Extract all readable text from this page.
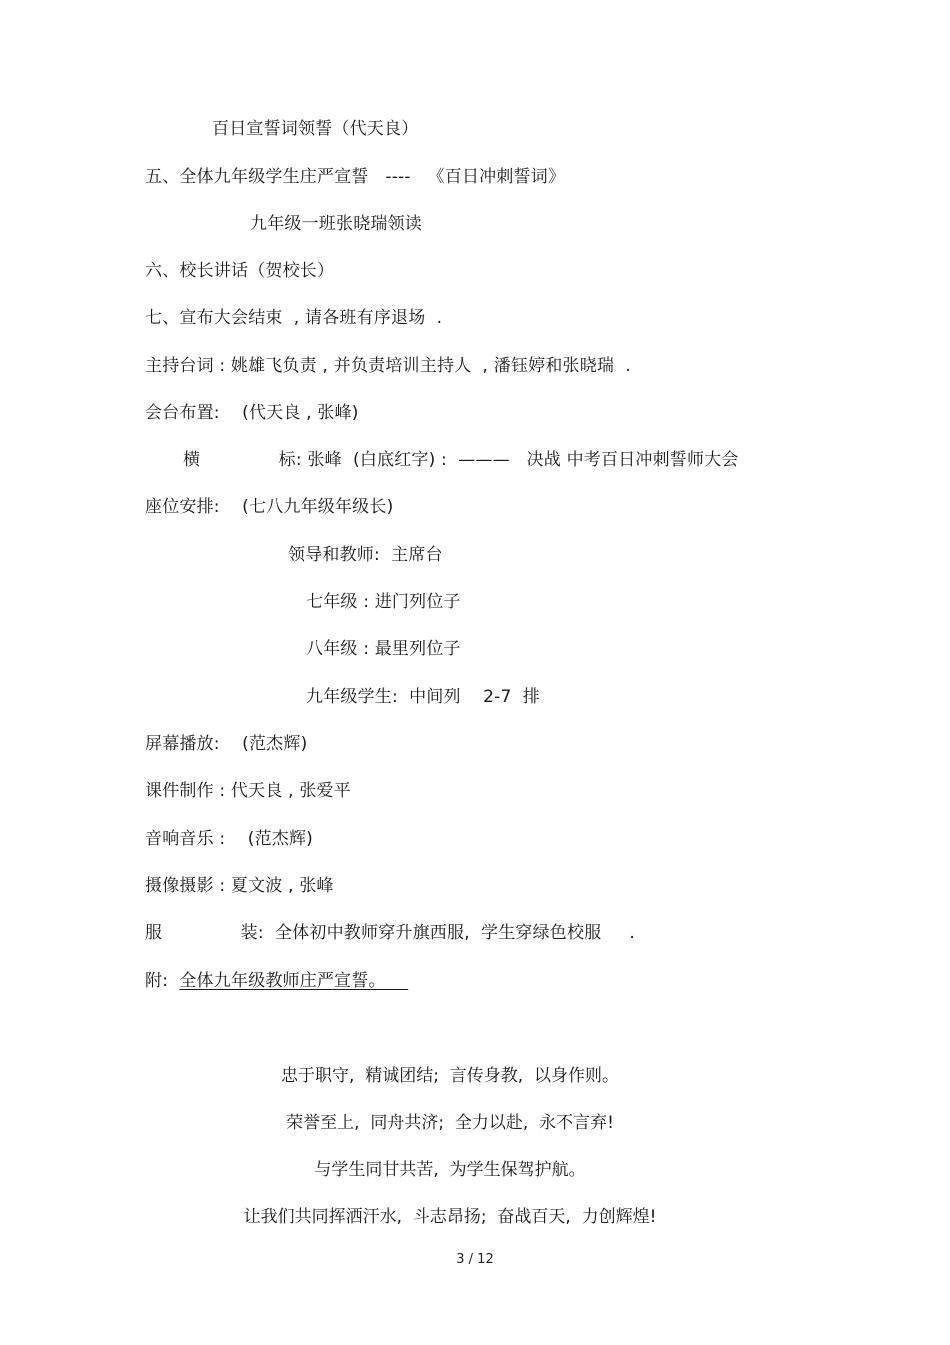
百日宣誓词领誓（代天良）
五、全体九年级学生庄严宣誓   ----   《百日冲刺誓词》
九年级一班张晓瑞领读
六、校长讲话（贺校长）
七、宣布大会结束  , 请各班有序退场  .
主持台词 : 姚雄飞负责 , 并负责培训主持人  , 潘钰婷和张晓瑞  .
会台布置:    (代天良 , 张峰)
横              标: 张峰  (白底红字) :  ———   决战 中考百日冲刺誓师大会
座位安排:    (七八九年级年级长)
领导和教师:  主席台
七年级 : 进门列位子
八年级 : 最里列位子
九年级学生:  中间列    2-7  排
屏幕播放:    (范杰辉)
课件制作 : 代天良 , 张爱平
音响音乐 :    (范杰辉)
摄像摄影 : 夏文波 , 张峰
服              装:  全体初中教师穿升旗西服,  学生穿绿色校服     .
附:  全体九年级教师庄严宣誓。
忠于职守,  精诚团结;  言传身教,  以身作则。
荣誉至上,  同舟共济;  全力以赴,  永不言弃!
与学生同甘共苦,  为学生保驾护航。
让我们共同挥洒汗水,  斗志昂扬;  奋战百天,  力创辉煌!
3 / 12
